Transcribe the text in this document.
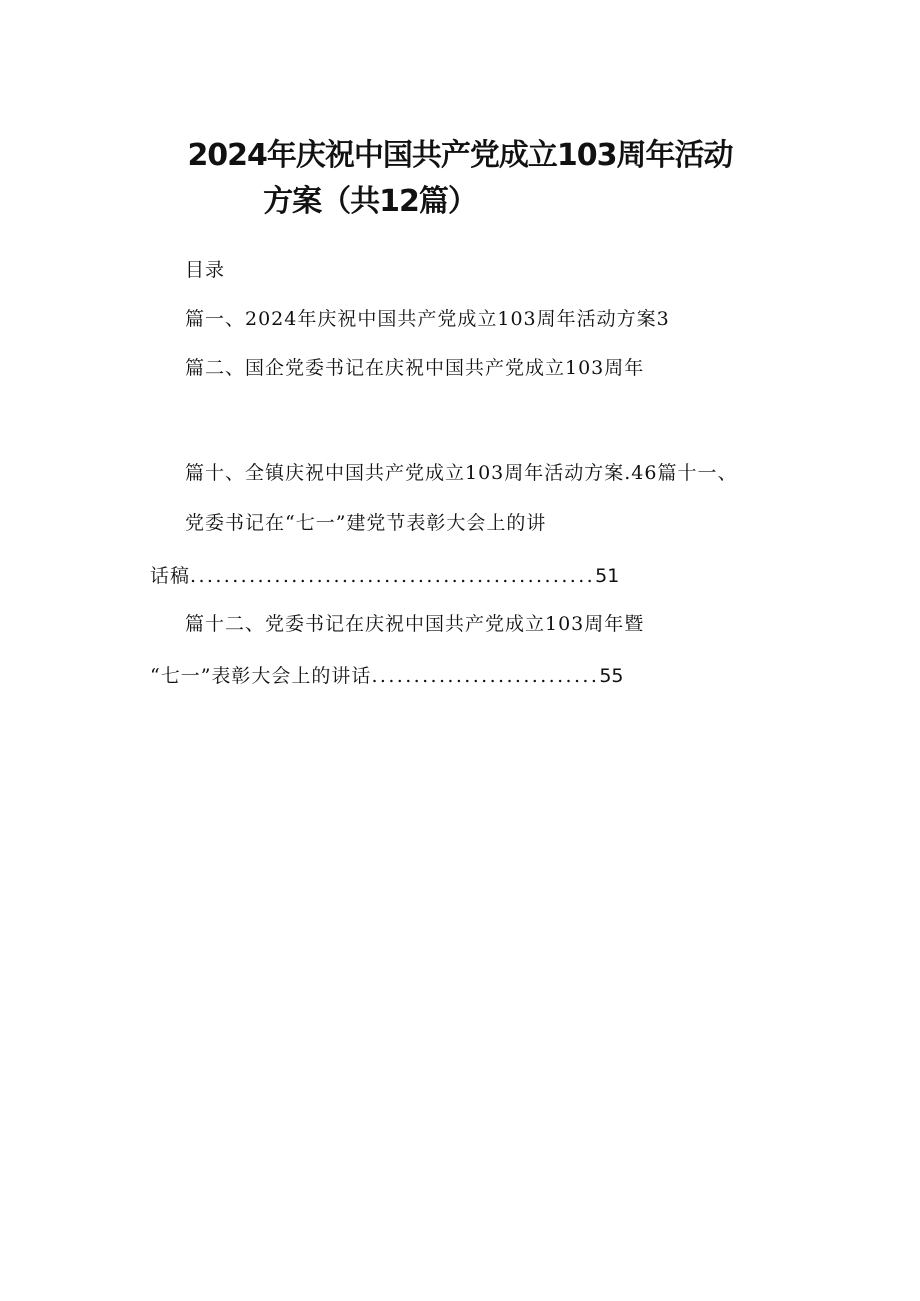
2024年庆祝中国共产党成立103周年活动
方案（共12篇）
目录
篇一、2024年庆祝中国共产党成立103周年活动方案3
篇二、国企党委书记在庆祝中国共产党成立103周年
篇十、全镇庆祝中国共产党成立103周年活动方案.46篇十一、
党委书记在“七一”建党节表彰大会上的讲
话稿................................................51
篇十二、党委书记在庆祝中国共产党成立103周年暨
“七一”表彰大会上的讲话...........................55
